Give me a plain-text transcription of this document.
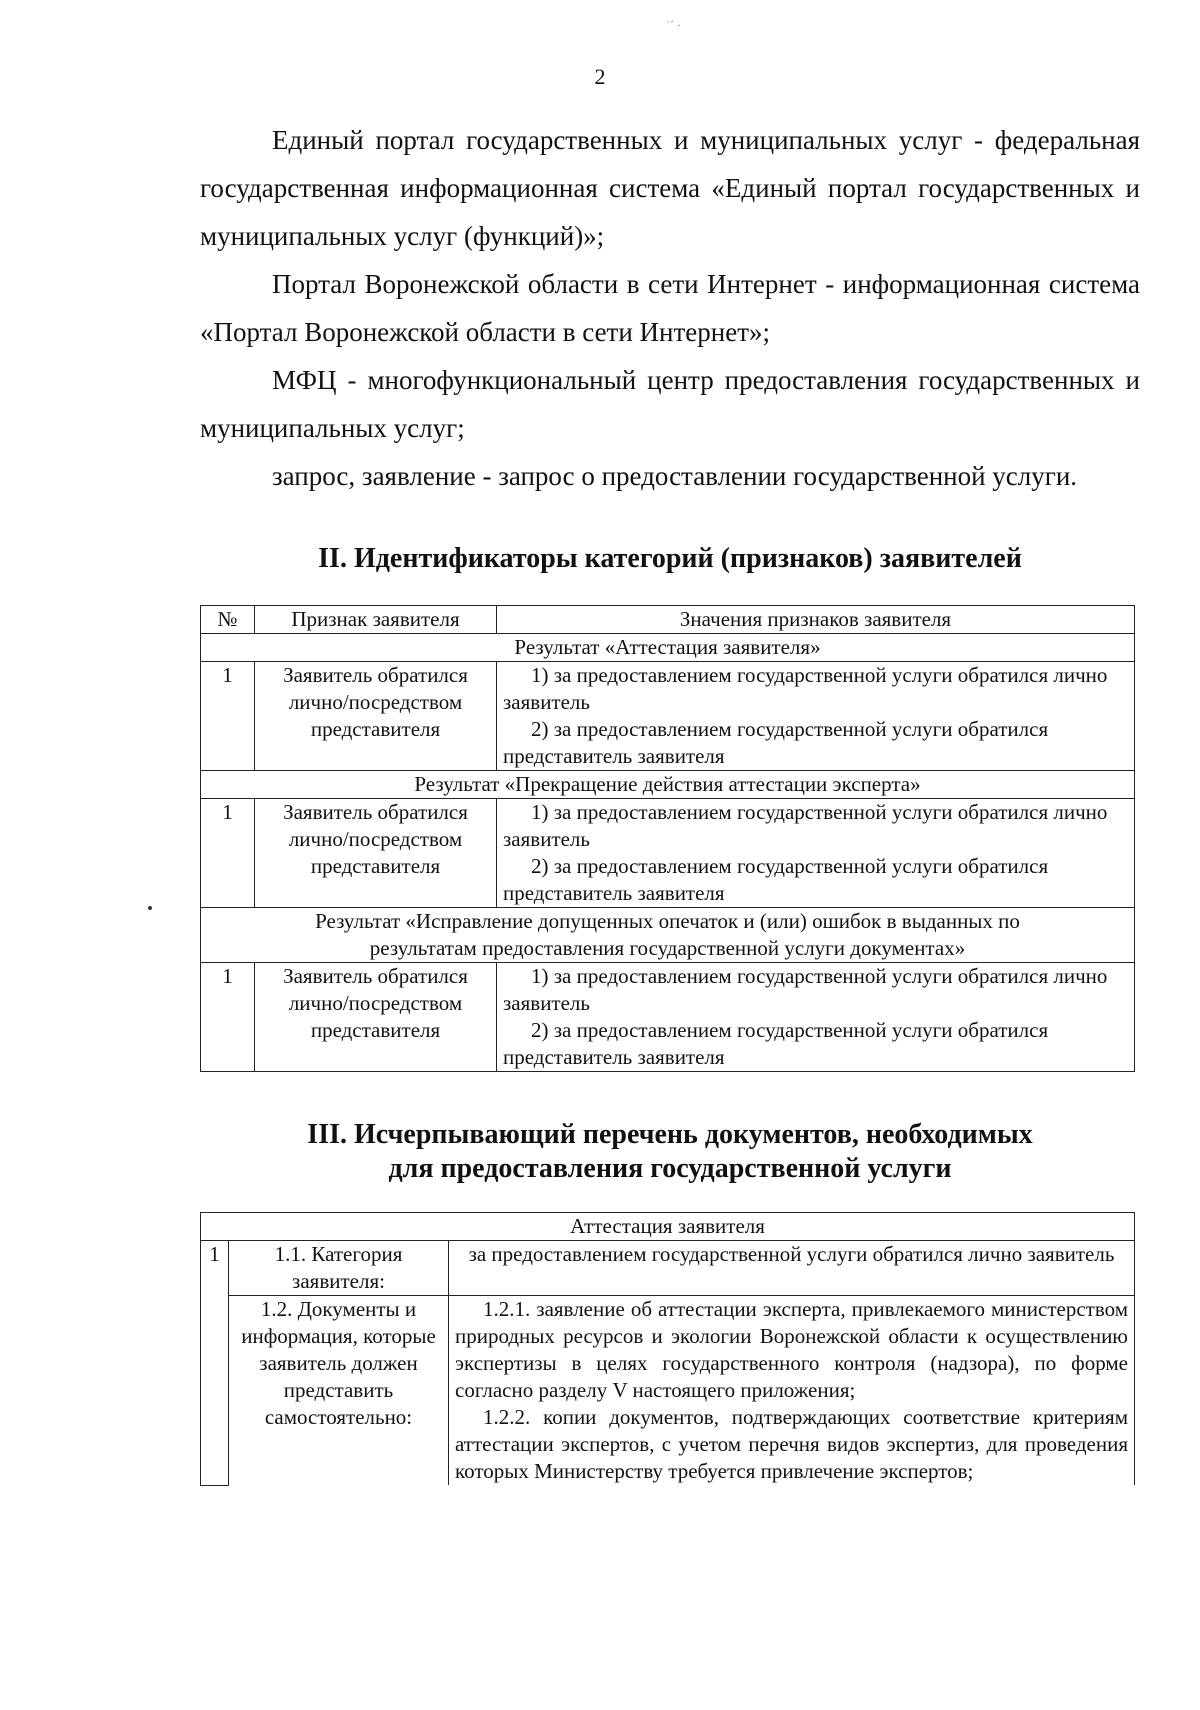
˙ˊ ·
2

Единый портал государственных и муниципальных услуг - федеральная государственная информационная система «Единый портал государственных и муниципальных услуг (функций)»;

Портал Воронежской области в сети Интернет - информационная система «Портал Воронежской области в сети Интернет»;

МФЦ - многофункциональный центр предоставления государственных и муниципальных услуг;

запрос, заявление - запрос о предоставлении государственной услуги.

II. Идентификаторы категорий (признаков) заявителей
№	Признак заявителя	Значения признаков заявителя
Результат «Аттестация заявителя»		
1	Заявитель обратился лично/посредством представителя	1) за предоставлением государственной услуги обратился лично заявитель
2) за предоставлением государственной услуги обратился представитель заявителя

Результат «Прекращение действия аттестации эксперта»		
1	Заявитель обратился лично/посредством представителя	1) за предоставлением государственной услуги обратился лично заявитель
2) за предоставлением государственной услуги обратился представитель заявителя

Результат «Исправление допущенных опечаток и (или) ошибок в выданных по результатам предоставления государственной услуги документах»		
1	Заявитель обратился лично/посредством представителя	1) за предоставлением государственной услуги обратился лично заявитель
2) за предоставлением государственной услуги обратился представитель заявителя
III. Исчерпывающий перечень документов, необходимых
для предоставления государственной услуги
Аттестация заявителя		
1	1.1. Категория заявителя:	за предоставлением государственной услуги обратился лично заявитель
	1.2. Документы и информация, которые заявитель должен представить самостоятельно:	1.2.1. заявление об аттестации эксперта, привлекаемого министерством природных ресурсов и экологии Воронежской области к осуществлению экспертизы в целях государственного контроля (надзора), по форме согласно разделу V настоящего приложения;
1.2.2. копии документов, подтверждающих соответствие критериям аттестации экспертов, с учетом перечня видов экспертиз, для проведения которых Министерству требуется привлечение экспертов;
